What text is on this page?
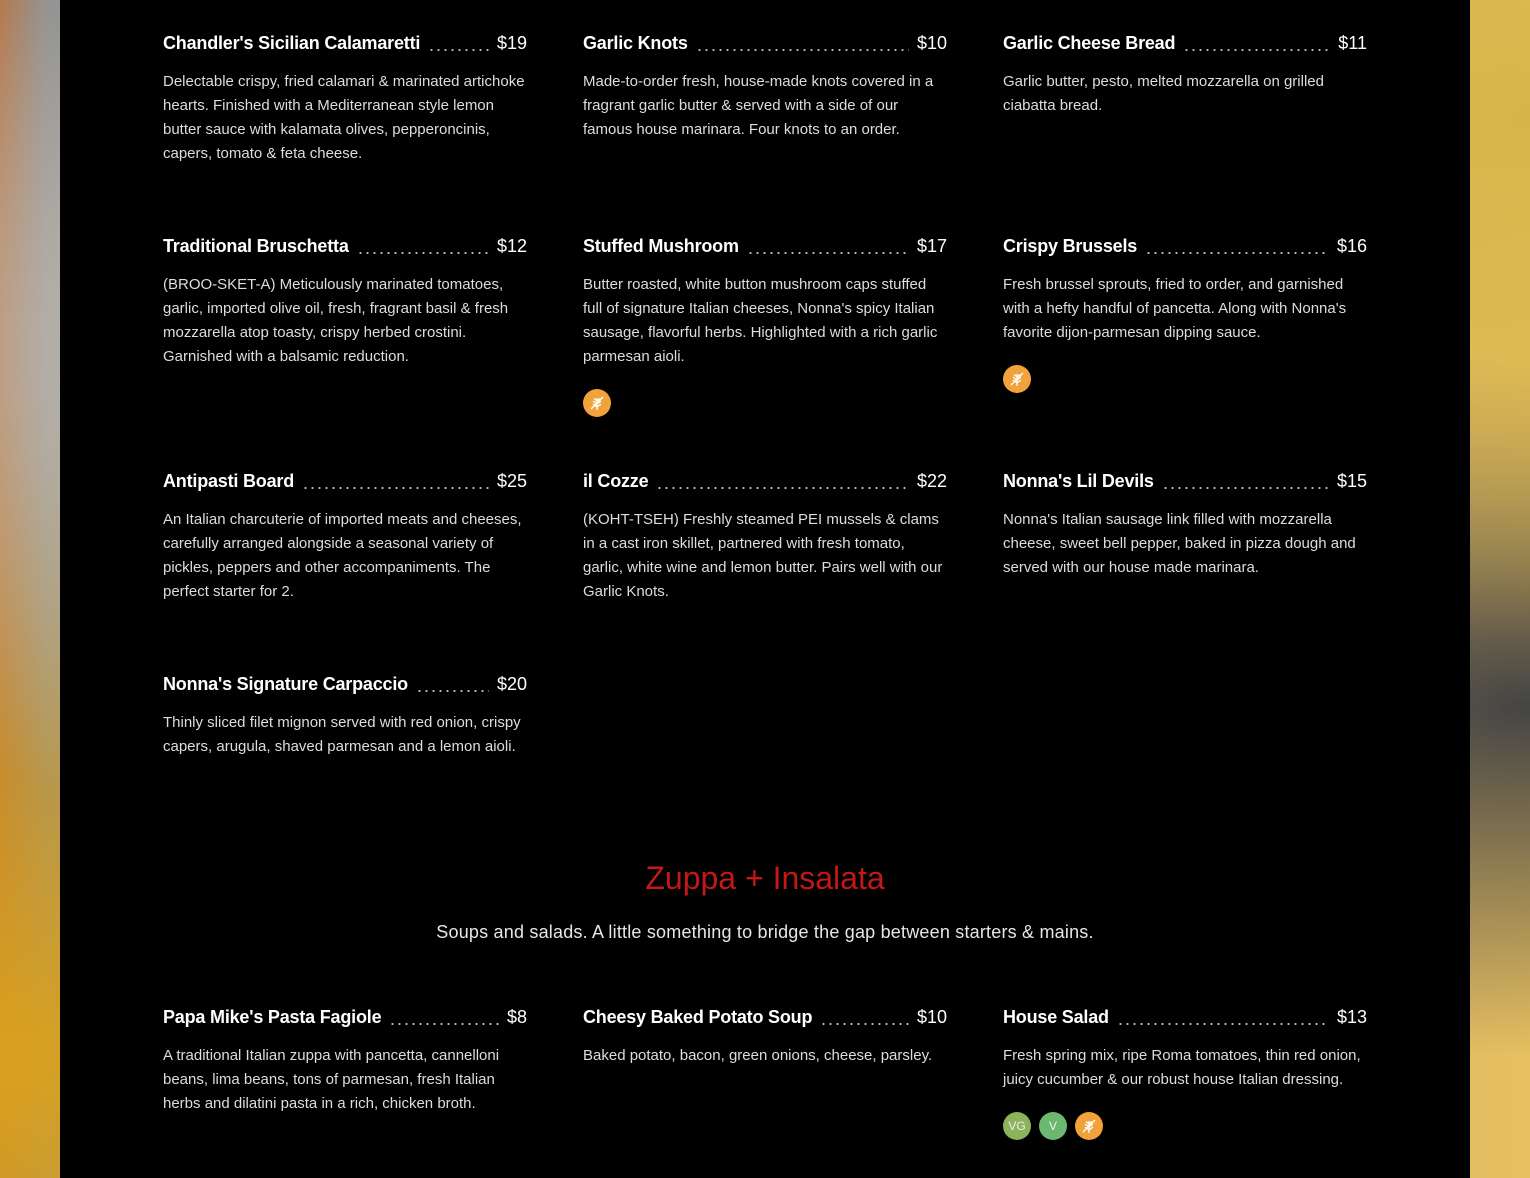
Chandler's Sicilian Calamaretti	$19
Delectable crispy, fried calamari & marinated artichoke hearts. Finished with a Mediterranean style lemon butter sauce with kalamata olives, pepperoncinis, capers, tomato & feta cheese.
Garlic Knots	$10
Made-to-order fresh, house-made knots covered in a fragrant garlic butter & served with a side of our famous house marinara. Four knots to an order.
Garlic Cheese Bread	$11
Garlic butter, pesto, melted mozzarella on grilled ciabatta bread.
Traditional Bruschetta	$12
(BROO-SKET-A) Meticulously marinated tomatoes, garlic, imported olive oil, fresh, fragrant basil & fresh mozzarella atop toasty, crispy herbed crostini. Garnished with a balsamic reduction.
Stuffed Mushroom	$17
Butter roasted, white button mushroom caps stuffed full of signature Italian cheeses, Nonna's spicy Italian sausage, flavorful herbs. Highlighted with a rich garlic parmesan aioli.
Crispy Brussels	$16
Fresh brussel sprouts, fried to order, and garnished with a hefty handful of pancetta. Along with Nonna's favorite dijon-parmesan dipping sauce.
Antipasti Board	$25
An Italian charcuterie of imported meats and cheeses, carefully arranged alongside a seasonal variety of pickles, peppers and other accompaniments. The perfect starter for 2.
il Cozze	$22
(KOHT-TSEH) Freshly steamed PEI mussels & clams in a cast iron skillet, partnered with fresh tomato, garlic, white wine and lemon butter. Pairs well with our Garlic Knots.
Nonna's Lil Devils	$15
Nonna's Italian sausage link filled with mozzarella cheese, sweet bell pepper, baked in pizza dough and served with our house made marinara.
Nonna's Signature Carpaccio	$20
Thinly sliced filet mignon served with red onion, crispy capers, arugula, shaved parmesan and a lemon aioli.
Zuppa + Insalata
Soups and salads. A little something to bridge the gap between starters & mains.
Papa Mike's Pasta Fagiole	$8
A traditional Italian zuppa with pancetta, cannelloni beans, lima beans, tons of parmesan, fresh Italian herbs and dilatini pasta in a rich, chicken broth.
Cheesy Baked Potato Soup	$10
Baked potato, bacon, green onions, cheese, parsley.
House Salad	$13
Fresh spring mix, ripe Roma tomatoes, thin red onion, juicy cucumber & our robust house Italian dressing.
VG	V
